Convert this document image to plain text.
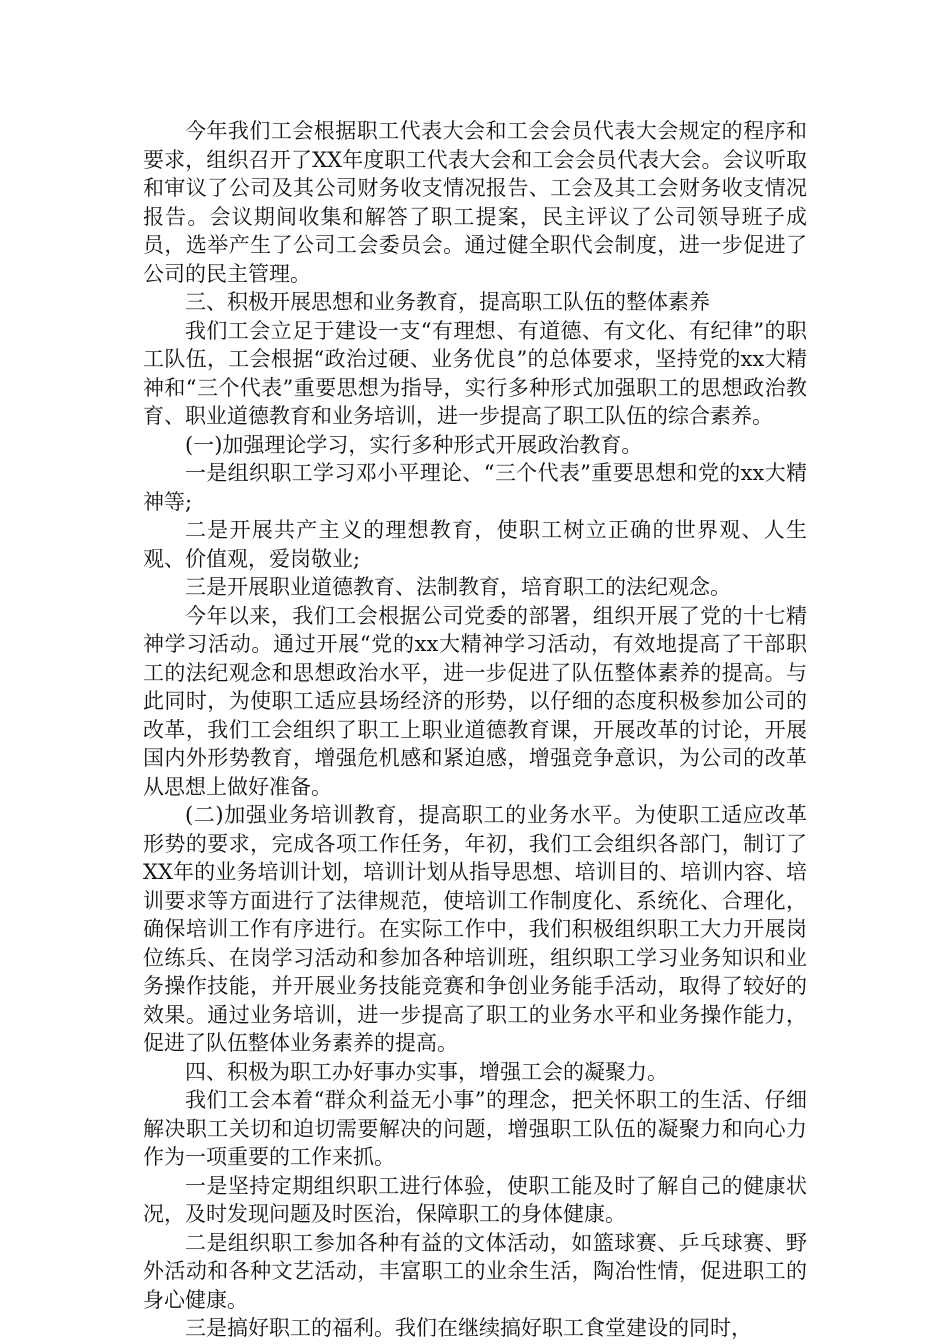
今年我们工会根据职工代表大会和工会会员代表大会规定的程序和要求，组织召开了XX年度职工代表大会和工会会员代表大会。会议听取和审议了公司及其公司财务收支情况报告、工会及其工会财务收支情况报告。会议期间收集和解答了职工提案，民主评议了公司领导班子成员，选举产生了公司工会委员会。通过健全职代会制度，进一步促进了公司的民主管理。

三、积极开展思想和业务教育，提高职工队伍的整体素养

我们工会立足于建设一支“有理想、有道德、有文化、有纪律”的职工队伍，工会根据“政治过硬、业务优良”的总体要求，坚持党的xx大精神和“三个代表”重要思想为指导，实行多种形式加强职工的思想政治教育、职业道德教育和业务培训，进一步提高了职工队伍的综合素养。

(一)加强理论学习，实行多种形式开展政治教育。

一是组织职工学习邓小平理论、“三个代表”重要思想和党的xx大精神等;

二是开展共产主义的理想教育，使职工树立正确的世界观、人生观、价值观，爱岗敬业;

三是开展职业道德教育、法制教育，培育职工的法纪观念。

今年以来，我们工会根据公司党委的部署，组织开展了党的十七精神学习活动。通过开展“党的xx大精神学习活动，有效地提高了干部职工的法纪观念和思想政治水平，进一步促进了队伍整体素养的提高。与此同时，为使职工适应县场经济的形势，以仔细的态度积极参加公司的改革，我们工会组织了职工上职业道德教育课，开展改革的讨论，开展国内外形势教育，增强危机感和紧迫感，增强竞争意识，为公司的改革从思想上做好准备。

(二)加强业务培训教育，提高职工的业务水平。为使职工适应改革形势的要求，完成各项工作任务，年初，我们工会组织各部门，制订了XX年的业务培训计划，培训计划从指导思想、培训目的、培训内容、培训要求等方面进行了法律规范，使培训工作制度化、系统化、合理化，确保培训工作有序进行。在实际工作中，我们积极组织职工大力开展岗位练兵、在岗学习活动和参加各种培训班，组织职工学习业务知识和业务操作技能，并开展业务技能竞赛和争创业务能手活动，取得了较好的效果。通过业务培训，进一步提高了职工的业务水平和业务操作能力，促进了队伍整体业务素养的提高。

四、积极为职工办好事办实事，增强工会的凝聚力。

我们工会本着“群众利益无小事”的理念，把关怀职工的生活、仔细解决职工关切和迫切需要解决的问题，增强职工队伍的凝聚力和向心力作为一项重要的工作来抓。

一是坚持定期组织职工进行体验，使职工能及时了解自己的健康状况，及时发现问题及时医治，保障职工的身体健康。

二是组织职工参加各种有益的文体活动，如篮球赛、乒乓球赛、野外活动和各种文艺活动，丰富职工的业余生活，陶冶性情，促进职工的身心健康。

三是搞好职工的福利。我们在继续搞好职工食堂建设的同时，
